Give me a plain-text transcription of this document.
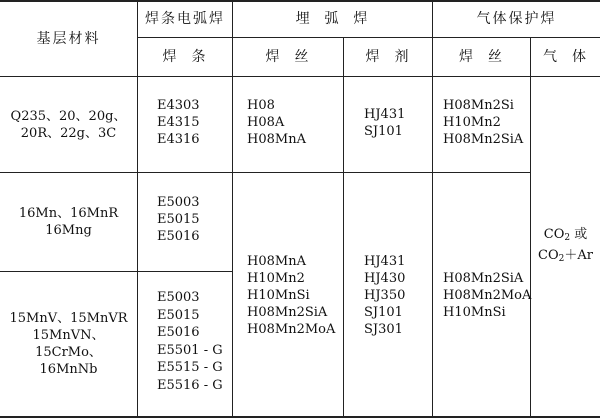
基层材料
焊条电弧焊
焊  条
埋  弧  焊
焊  丝	焊  剂
气体保护焊
焊  丝	气  体
Q235、20、20g、
20R、22g、3C
E4303
E4315
E4316
H08
H08A
H08MnA
HJ431
SJ101
H08Mn2Si
H10Mn2
H08Mn2SiA
16Mn、16MnR
16Mng
E5003
E5015
E5016
15MnV、15MnVR
15MnVN、15CrMo、
16MnNb
E5003
E5015
E5016
E5501 - G
E5515 - G
E5516 - G
H08MnA
H10Mn2
H10MnSi
H08Mn2SiA
H08Mn2MoA
HJ431
HJ430
HJ350
SJ101
SJ301
H08Mn2SiA
H08Mn2MoA
H10MnSi
$CO_2$ 或
$CO_2+Ar$
